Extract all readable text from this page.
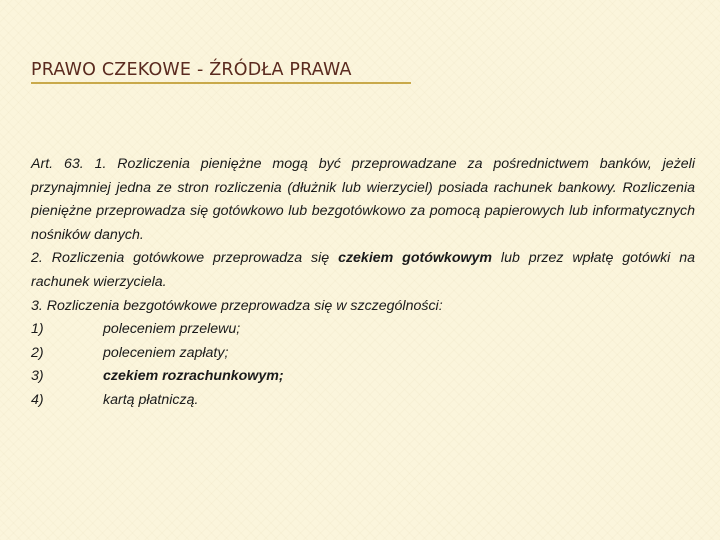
PRAWO CZEKOWE - ŹRÓDŁA PRAWA

Art. 63. 1. Rozliczenia pieniężne mogą być przeprowadzane za pośrednictwem banków, jeżeli przynajmniej jedna ze stron rozliczenia (dłużnik lub wierzyciel) posiada rachunek bankowy. Rozliczenia pieniężne przeprowadza się gotówkowo lub bezgotówkowo za pomocą papierowych lub informatycznych nośników danych.

2. Rozliczenia gotówkowe przeprowadza się czekiem gotówkowym lub przez wpłatę gotówki na rachunek wierzyciela.

3. Rozliczenia bezgotówkowe przeprowadza się w szczególności:

1)	poleceniem przelewu;
2)	poleceniem zapłaty;
3)	czekiem rozrachunkowym;
4)	kartą płatniczą.
